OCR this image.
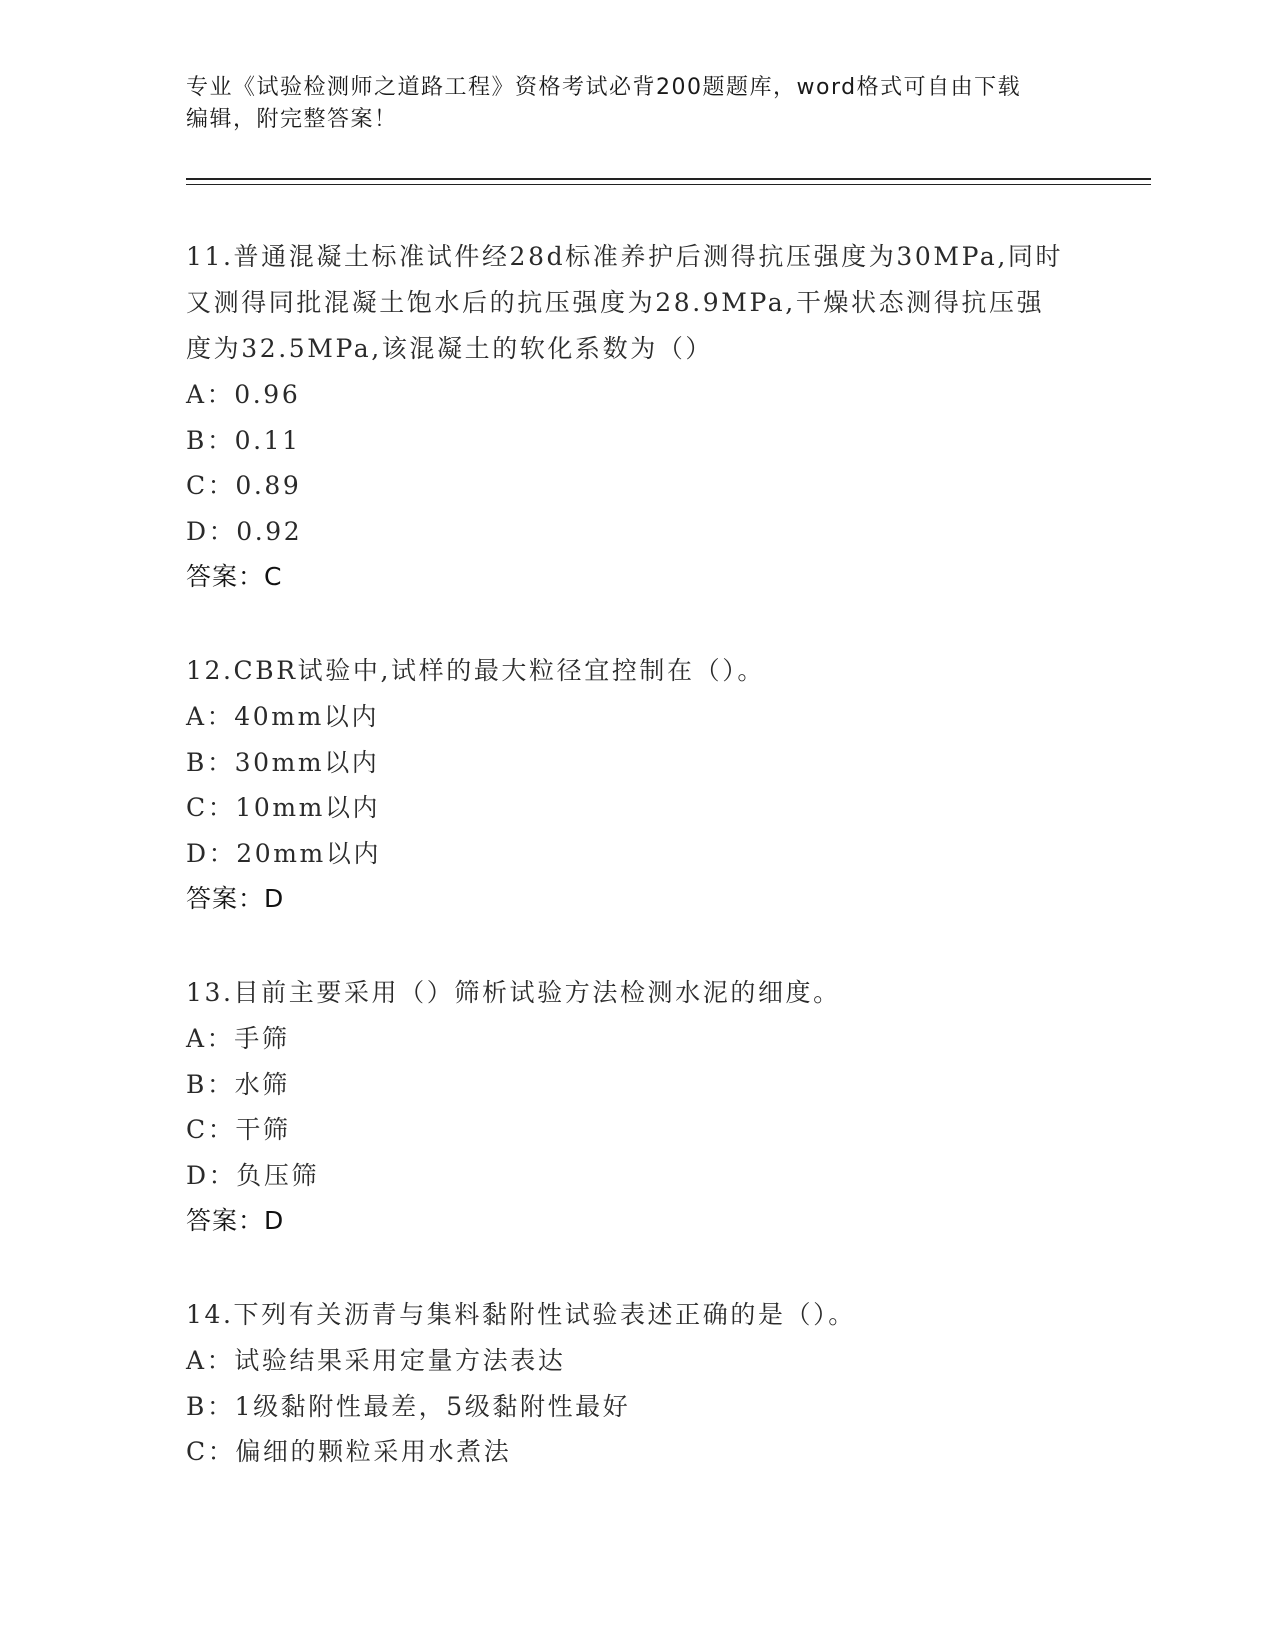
专业《试验检测师之道路工程》资格考试必背200题题库，word格式可自由下载
编辑，附完整答案！

11.普通混凝土标准试件经28d标准养护后测得抗压强度为30MPa,同时

又测得同批混凝土饱水后的抗压强度为28.9MPa,干燥状态测得抗压强

度为32.5MPa,该混凝土的软化系数为（）

A：0.96

B：0.11

C：0.89

D：0.92

答案：C

12.CBR试验中,试样的最大粒径宜控制在（）。

A：40mm以内

B：30mm以内

C：10mm以内

D：20mm以内

答案：D

13.目前主要采用（）筛析试验方法检测水泥的细度。

A：手筛

B：水筛

C：干筛

D：负压筛

答案：D

14.下列有关沥青与集料黏附性试验表述正确的是（）。

A：试验结果采用定量方法表达

B：1级黏附性最差，5级黏附性最好

C：偏细的颗粒采用水煮法
